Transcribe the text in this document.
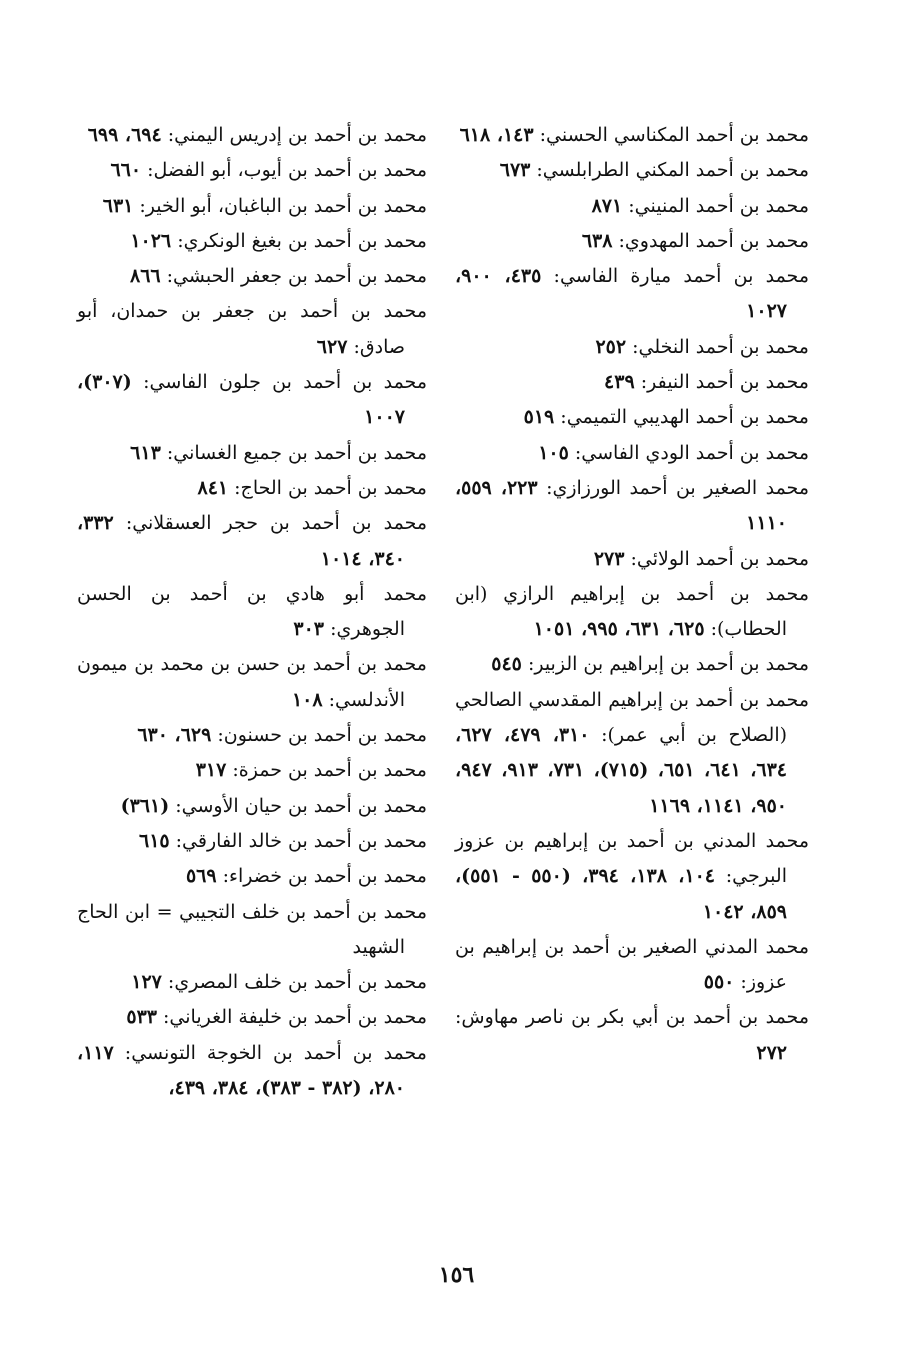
محمد بن أحمد المكناسي الحسني: ١٤٣، ٦١٨

محمد بن أحمد المكني الطرابلسي: ٦٧٣

محمد بن أحمد المنيني: ٨٧١

محمد بن أحمد المهدوي: ٦٣٨

محمد بن أحمد ميارة الفاسي: ٤٣٥، ٩٠٠، ١٠٢٧

محمد بن أحمد النخلي: ٢٥٢

محمد بن أحمد النيفر: ٤٣٩

محمد بن أحمد الهديبي التميمي: ٥١٩

محمد بن أحمد الودي الفاسي: ١٠٥

محمد الصغير بن أحمد الورزازي: ٢٢٣، ٥٥٩، ١١١٠

محمد بن أحمد الولائي: ٢٧٣

محمد بن أحمد بن إبراهيم الرازي (ابن الحطاب): ٦٢٥، ٦٣١، ٩٩٥، ١٠٥١

محمد بن أحمد بن إبراهيم بن الزبير: ٥٤٥

محمد بن أحمد بن إبراهيم المقدسي الصالحي (الصلاح بن أبي عمر): ٣١٠، ٤٧٩، ٦٢٧، ٦٣٤، ٦٤١، ٦٥١، (٧١٥)، ٧٣١، ٩١٣، ٩٤٧، ٩٥٠، ١١٤١، ١١٦٩

محمد المدني بن أحمد بن إبراهيم بن عزوز البرجي: ١٠٤، ١٣٨، ٣٩٤، (٥٥٠ - ٥٥١)، ٨٥٩، ١٠٤٢

محمد المدني الصغير بن أحمد بن إبراهيم بن عزوز: ٥٥٠

محمد بن أحمد بن أبي بكر بن ناصر مهاوش: ٢٧٢

محمد بن أحمد بن إدريس اليمني: ٦٩٤، ٦٩٩

محمد بن أحمد بن أيوب، أبو الفضل: ٦٦٠

محمد بن أحمد بن الباغبان، أبو الخير: ٦٣١

محمد بن أحمد بن بغيغ الونكري: ١٠٢٦

محمد بن أحمد بن جعفر الحبشي: ٨٦٦

محمد بن أحمد بن جعفر بن حمدان، أبو صادق: ٦٢٧

محمد بن أحمد بن جلون الفاسي: (٣٠٧)، ١٠٠٧

محمد بن أحمد بن جميع الغساني: ٦١٣

محمد بن أحمد بن الحاج: ٨٤١

محمد بن أحمد بن حجر العسقلاني: ٣٣٢، ٣٤٠، ١٠١٤

محمد أبو هادي بن أحمد بن الحسن الجوهري: ٣٠٣

محمد بن أحمد بن حسن بن محمد بن ميمون الأندلسي: ١٠٨

محمد بن أحمد بن حسنون: ٦٢٩، ٦٣٠

محمد بن أحمد بن حمزة: ٣١٧

محمد بن أحمد بن حيان الأوسي: (٣٦١)

محمد بن أحمد بن خالد الفارقي: ٦١٥

محمد بن أحمد بن خضراء: ٥٦٩

محمد بن أحمد بن خلف التجيبي = ابن الحاج الشهيد

محمد بن أحمد بن خلف المصري: ١٢٧

محمد بن أحمد بن خليفة الغرياني: ٥٣٣

محمد بن أحمد بن الخوجة التونسي: ١١٧، ٢٨٠، (٣٨٢ - ٣٨٣)، ٣٨٤، ٤٣٩،

١٥٦
